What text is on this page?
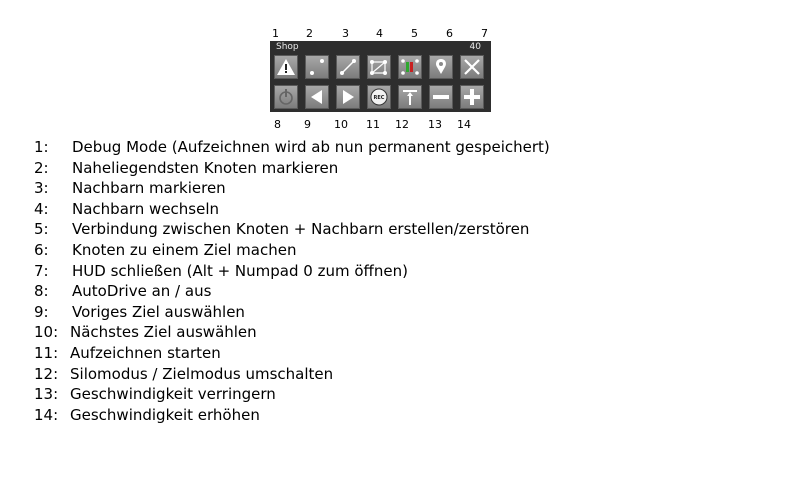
1 2	3 4	5	6	7
Shop	40
REC
8 9 10 11 12 13 14
1: Debug Mode (Aufzeichnen wird ab nun permanent gespeichert)
2: Naheliegendsten Knoten markieren
3: Nachbarn markieren
4: Nachbarn wechseln
5: Verbindung zwischen Knoten + Nachbarn erstellen/zerstören
6: Knoten zu einem Ziel machen
7: HUD schließen (Alt + Numpad 0 zum öffnen)
8: AutoDrive an / aus
9: Voriges Ziel auswählen
10: Nächstes Ziel auswählen
11: Aufzeichnen starten
12: Silomodus / Zielmodus umschalten
13: Geschwindigkeit verringern
14: Geschwindigkeit erhöhen
